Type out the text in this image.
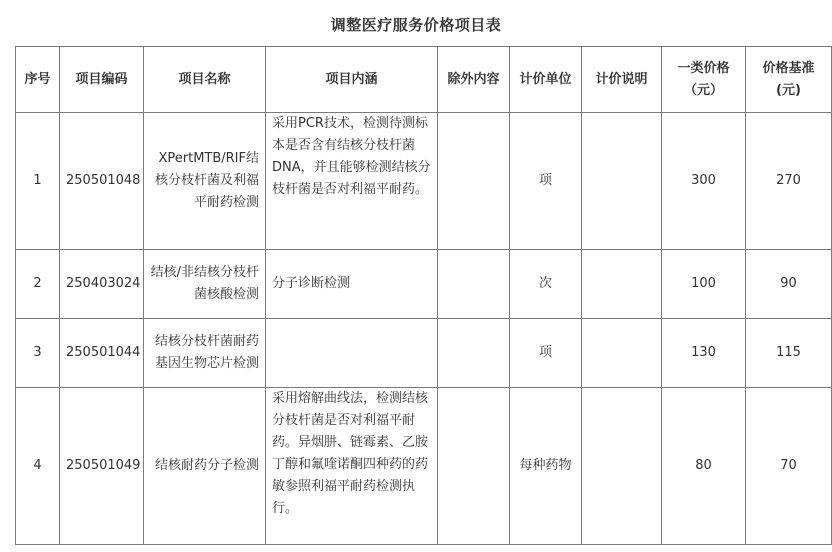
调整医疗服务价格项目表
序号	项目编码	项目名称	项目内涵	除外内容	计价单位	计价说明	一类价格（元）	价格基准(元)
1	250501048	XPertMTB/RIF结核分枝杆菌及利福平耐药检测	采用PCR技术，检测待测标本是否含有结核分枝杆菌DNA，并且能够检测结核分枝杆菌是否对利福平耐药。		项		300	270
2	250403024	结核/非结核分枝杆菌核酸检测	分子诊断检测		次		100	90
3	250501044	结核分枝杆菌耐药基因生物芯片检测			项		130	115
4	250501049	结核耐药分子检测	采用熔解曲线法，检测结核分枝杆菌是否对利福平耐药。异烟肼、链霉素、乙胺丁醇和氟喹诺酮四种药的药敏参照利福平耐药检测执行。		每种药物		80	70
